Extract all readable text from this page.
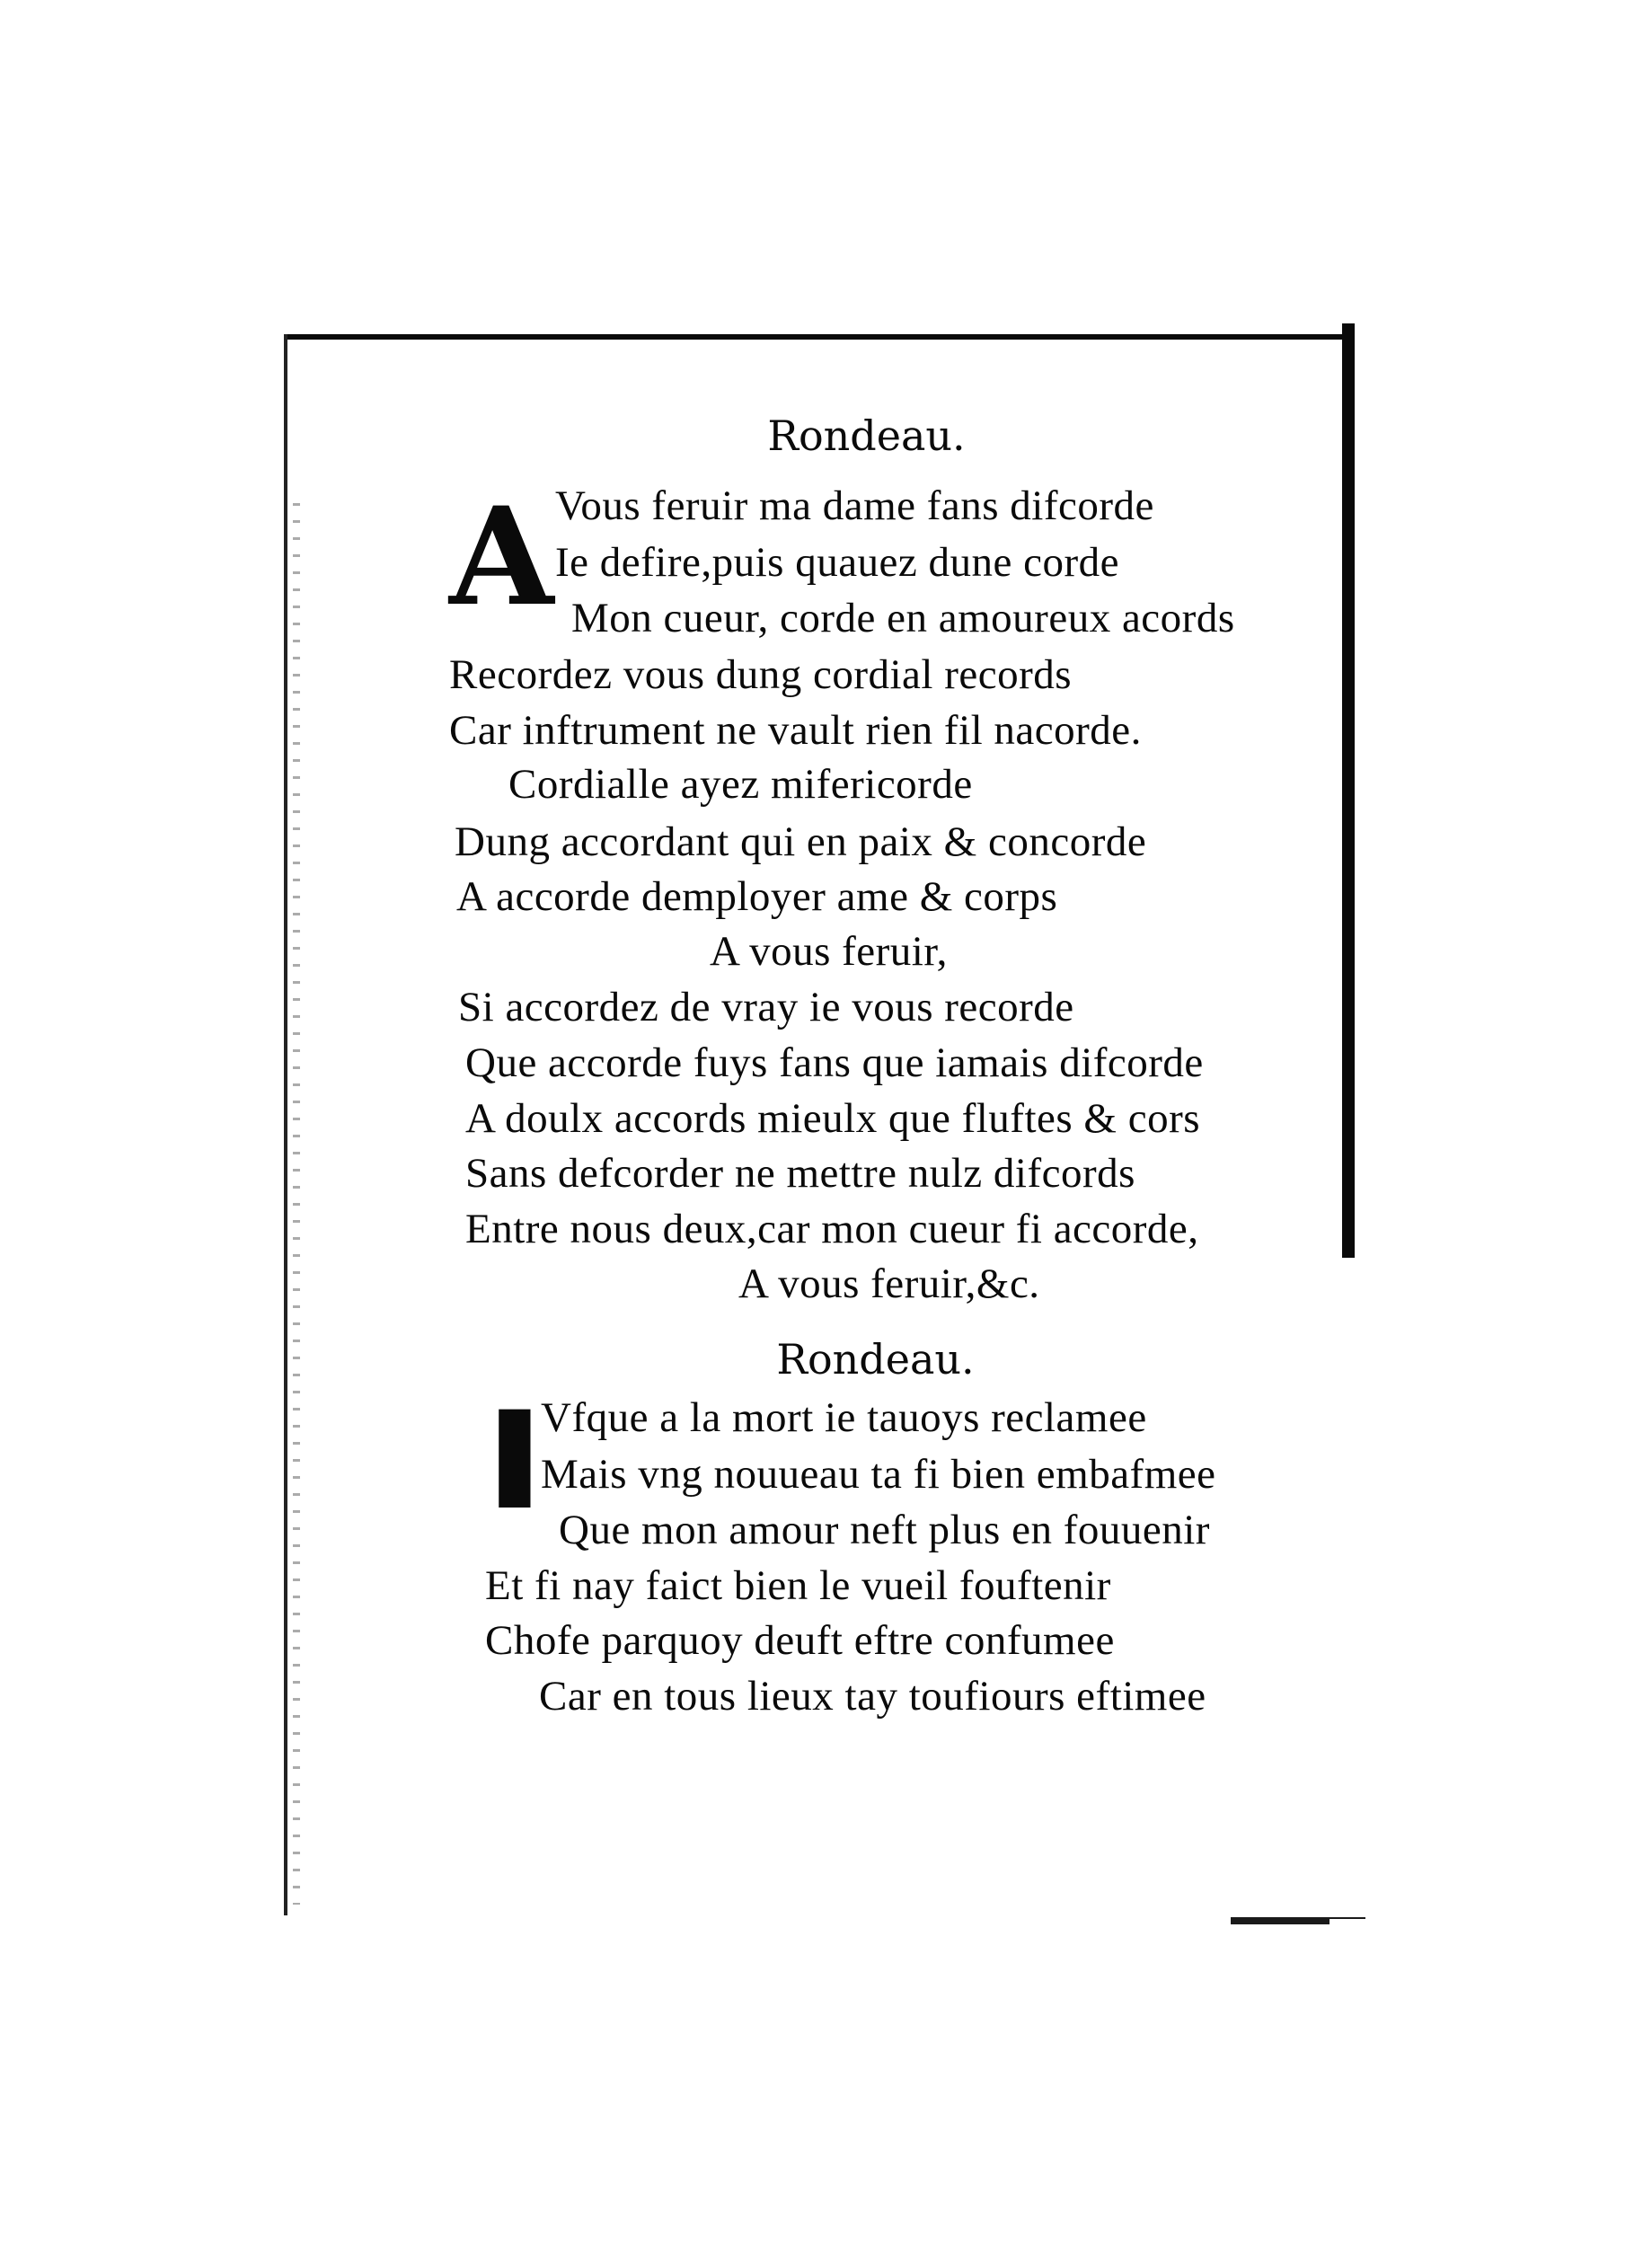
Rondeau.
A Vous feruir ma dame fans difcorde
Ie defire,puis quauez dune corde
Mon cueur, corde en amoureux acords
Recordez vous dung cordial records
Car inftrument ne vault rien fil nacorde.
Cordialle ayez mifericorde
Dung accordant qui en paix & concorde
A accorde demployer ame & corps
A vous feruir,
Si accordez de vray ie vous recorde
Que accorde fuys fans que iamais difcorde
A doulx accords mieulx que fluftes & cors
Sans defcorder ne mettre nulz difcords
Entre nous deux,car mon cueur fi accorde,
A vous feruir,&c.
Rondeau.
I
Vfque a la mort ie tauoys reclamee
Mais vng nouueau ta fi bien embafmee
Que mon amour neft plus en fouuenir
Et fi nay faict bien le vueil fouftenir
Chofe parquoy deuft eftre confumee
Car en tous lieux tay toufiours eftimee
